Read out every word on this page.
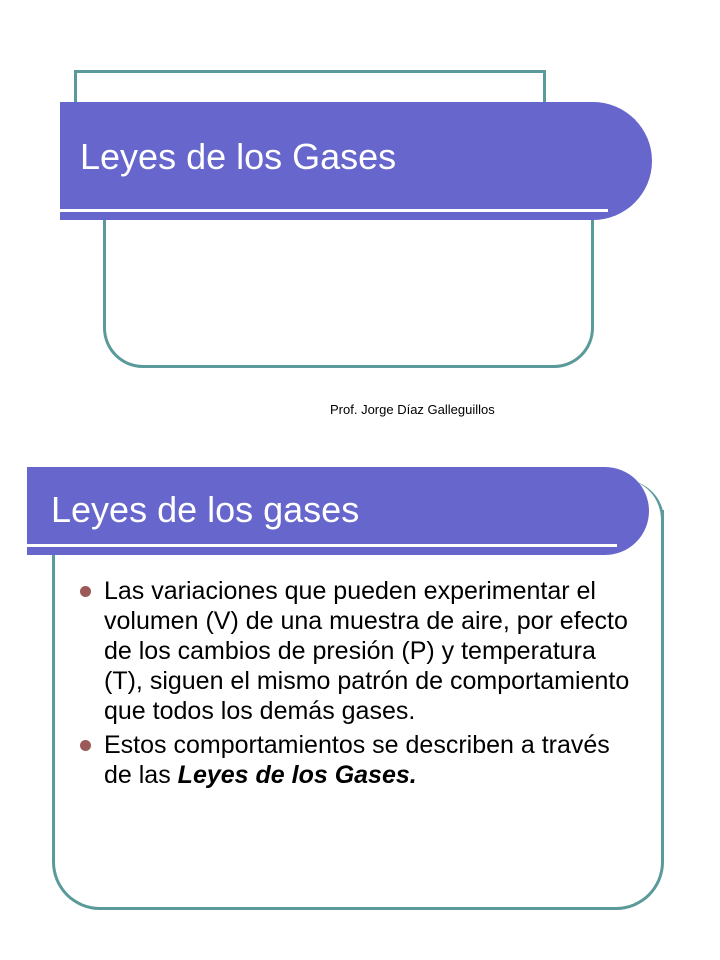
Leyes de los Gases
Prof. Jorge Díaz Galleguillos
Leyes de los gases
Las variaciones que pueden experimentar el volumen (V) de una muestra de aire, por efecto de los cambios de presión (P) y temperatura (T), siguen el mismo patrón de comportamiento que todos los demás gases.
Estos comportamientos se describen a través de las Leyes de los Gases.
